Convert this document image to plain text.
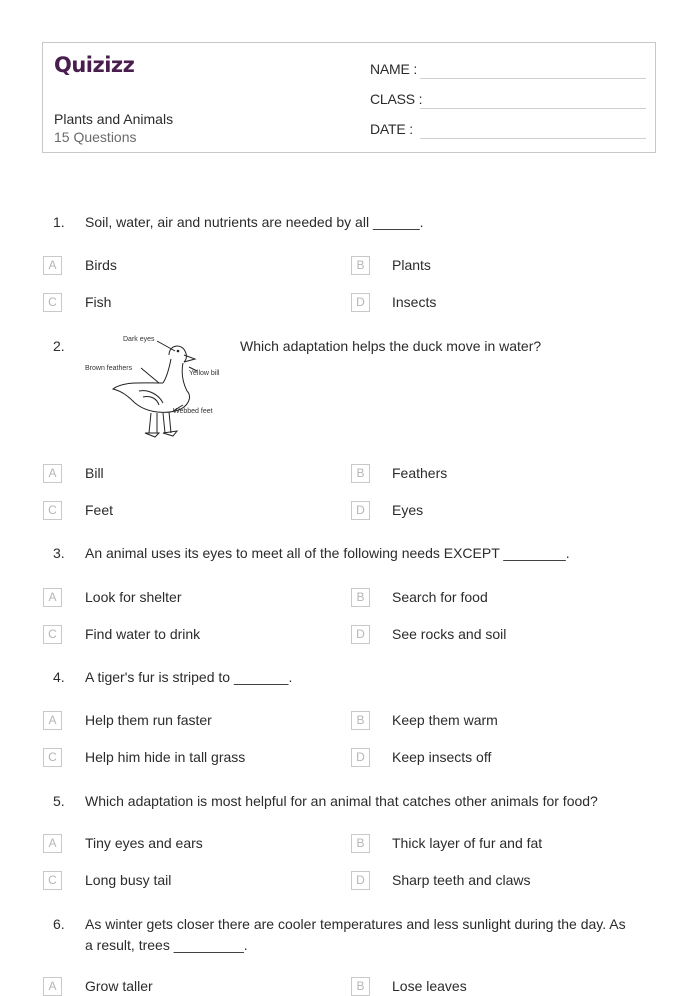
Quizizz
Plants and Animals
15 Questions
NAME :
CLASS :
DATE :
1. Soil, water, air and nutrients are needed by all ______.
A	Birds	B	Plants
C	Fish	D	Insects
2.	Dark eyes
Brown feathers
Yellow bill
Webbed feet
Which adaptation helps the duck move in water?
A	Bill	B	Feathers
C	Feet	D	Eyes
3. An animal uses its eyes to meet all of the following needs EXCEPT ________.
A	Look for shelter	B	Search for food
C	Find water to drink	D	See rocks and soil
4. A tiger's fur is striped to _______.
A	Help them run faster	B	Keep them warm
C	Help him hide in tall grass	D	Keep insects off
5. Which adaptation is most helpful for an animal that catches other animals for food?
A	Tiny eyes and ears	B	Thick layer of fur and fat
C	Long busy tail	D	Sharp teeth and claws
6. As winter gets closer there are cooler temperatures and less sunlight during the day. As
a result, trees _________.
A	Grow taller	B	Lose leaves
